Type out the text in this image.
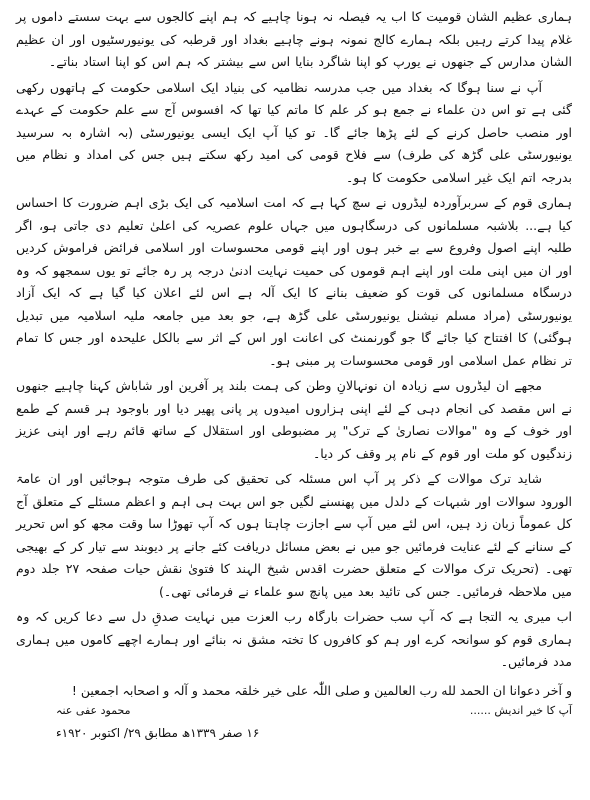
ہماری عظیم الشان قومیت کا اب یہ فیصلہ نہ ہونا چاہیے کہ ہم اپنے کالجوں سے بہت سستے داموں پر غلام پیدا کرتے رہیں بلکہ ہمارے کالج نمونہ ہونے چاہیے بغداد اور قرطبہ کی یونیورسٹیوں اور ان عظیم الشان مدارس کے جنھوں نے یورپ کو اپنا شاگرد بنایا اس سے بیشتر کہ ہم اس کو اپنا استاد بناتے۔

آپ نے سنا ہوگا کہ بغداد میں جب مدرسہ نظامیہ کی بنیاد ایک اسلامی حکومت کے ہاتھوں رکھی گئی ہے تو اس دن علماء نے جمع ہو کر علم کا ماتم کیا تھا کہ افسوس آج سے علم حکومت کے عہدے اور منصب حاصل کرنے کے لئے پڑھا جائے گا۔ تو کیا آپ ایک ایسی یونیورسٹی (بہ اشارہ بہ سرسید یونیورسٹی علی گڑھ کی طرف) سے فلاح قومی کی امید رکھ سکتے ہیں جس کی امداد و نظام میں بدرجہ اتم ایک غیر اسلامی حکومت کا ہو۔

ہماری قوم کے سربرآوردہ لیڈروں نے سچ کہا ہے کہ امت اسلامیہ کی ایک بڑی اہم ضرورت کا احساس کیا ہے... بلاشبہ مسلمانوں کی درسگاہوں میں جہاں علوم عصریہ کی اعلیٰ تعلیم دی جاتی ہو، اگر طلبہ اپنے اصول وفروع سے بے خبر ہوں اور اپنے قومی محسوسات اور اسلامی فرائض فراموش کردیں اور ان میں اپنی ملت اور اپنے اہم قوموں کی حمیت نہایت ادنیٰ درجہ پر رہ جائے تو یوں سمجھو کہ وہ درسگاہ مسلمانوں کی قوت کو ضعیف بنانے کا ایک آلہ ہے اس لئے اعلان کیا گیا ہے کہ ایک آزاد یونیورسٹی (مراد مسلم نیشنل یونیورسٹی علی گڑھ ہے، جو بعد میں جامعہ ملیہ اسلامیہ میں تبدیل ہوگئی) کا افتتاح کیا جائے گا جو گورنمنٹ کی اعانت اور اس کے اثر سے بالکل علیحدہ اور جس کا تمام تر نظام عمل اسلامی اور قومی محسوسات پر مبنی ہو۔

مجھے ان لیڈروں سے زیادہ ان نونہالانِ وطن کی ہمت بلند پر آفرین اور شاباش کہنا چاہیے جنھوں نے اس مقصد کی انجام دہی کے لئے اپنی ہزاروں امیدوں پر پانی پھیر دیا اور باوجود ہر قسم کے طمع اور خوف کے وہ "موالات نصاریٰ کے ترک" پر مضبوطی اور استقلال کے ساتھ قائم رہے اور اپنی عزیز زندگیوں کو ملت اور قوم کے نام پر وقف کر دیا۔

شاید ترک موالات کے ذکر پر آپ اس مسئلہ کی تحقیق کی طرف متوجہ ہوجائیں اور ان عامۃ الورود سوالات اور شبہات کے دلدل میں پھنسنے لگیں جو اس بہت ہی اہم و اعظم مسئلے کے متعلق آج کل عموماً زبان زد ہیں، اس لئے میں آپ سے اجازت چاہتا ہوں کہ آپ تھوڑا سا وقت مجھ کو اس تحریر کے سنانے کے لئے عنایت فرمائیں جو میں نے بعض مسائل دریافت کئے جانے پر دیوبند سے تیار کر کے بھیجی تھی۔ (تحریک ترک موالات کے متعلق حضرت اقدس شیخ الہند کا فتویٰ نقش حیات صفحہ ۲۷ جلد دوم میں ملاحظہ فرمائیں۔ جس کی تائید بعد میں پانچ سو علماء نے فرمائی تھی۔)

اب میری یہ التجا ہے کہ آپ سب حضرات بارگاہ رب العزت میں نہایت صدقِ دل سے دعا کریں کہ وہ ہماری قوم کو سوانحہ کرے اور ہم کو کافروں کا تختہ مشق نہ بنائے اور ہمارے اچھے کاموں میں ہماری مدد فرمائیں۔

و آخر دعوانا ان الحمد لله رب العالمین و صلی اللّٰہ علی خیر خلقہ محمد و آلہ و اصحابہ اجمعین !

آپ کا خیر اندیش ......
محمود عفی عنہ
۱۶ صفر ۱۳۳۹ھ مطابق ۲۹/ اکتوبر ۱۹۲۰ء
